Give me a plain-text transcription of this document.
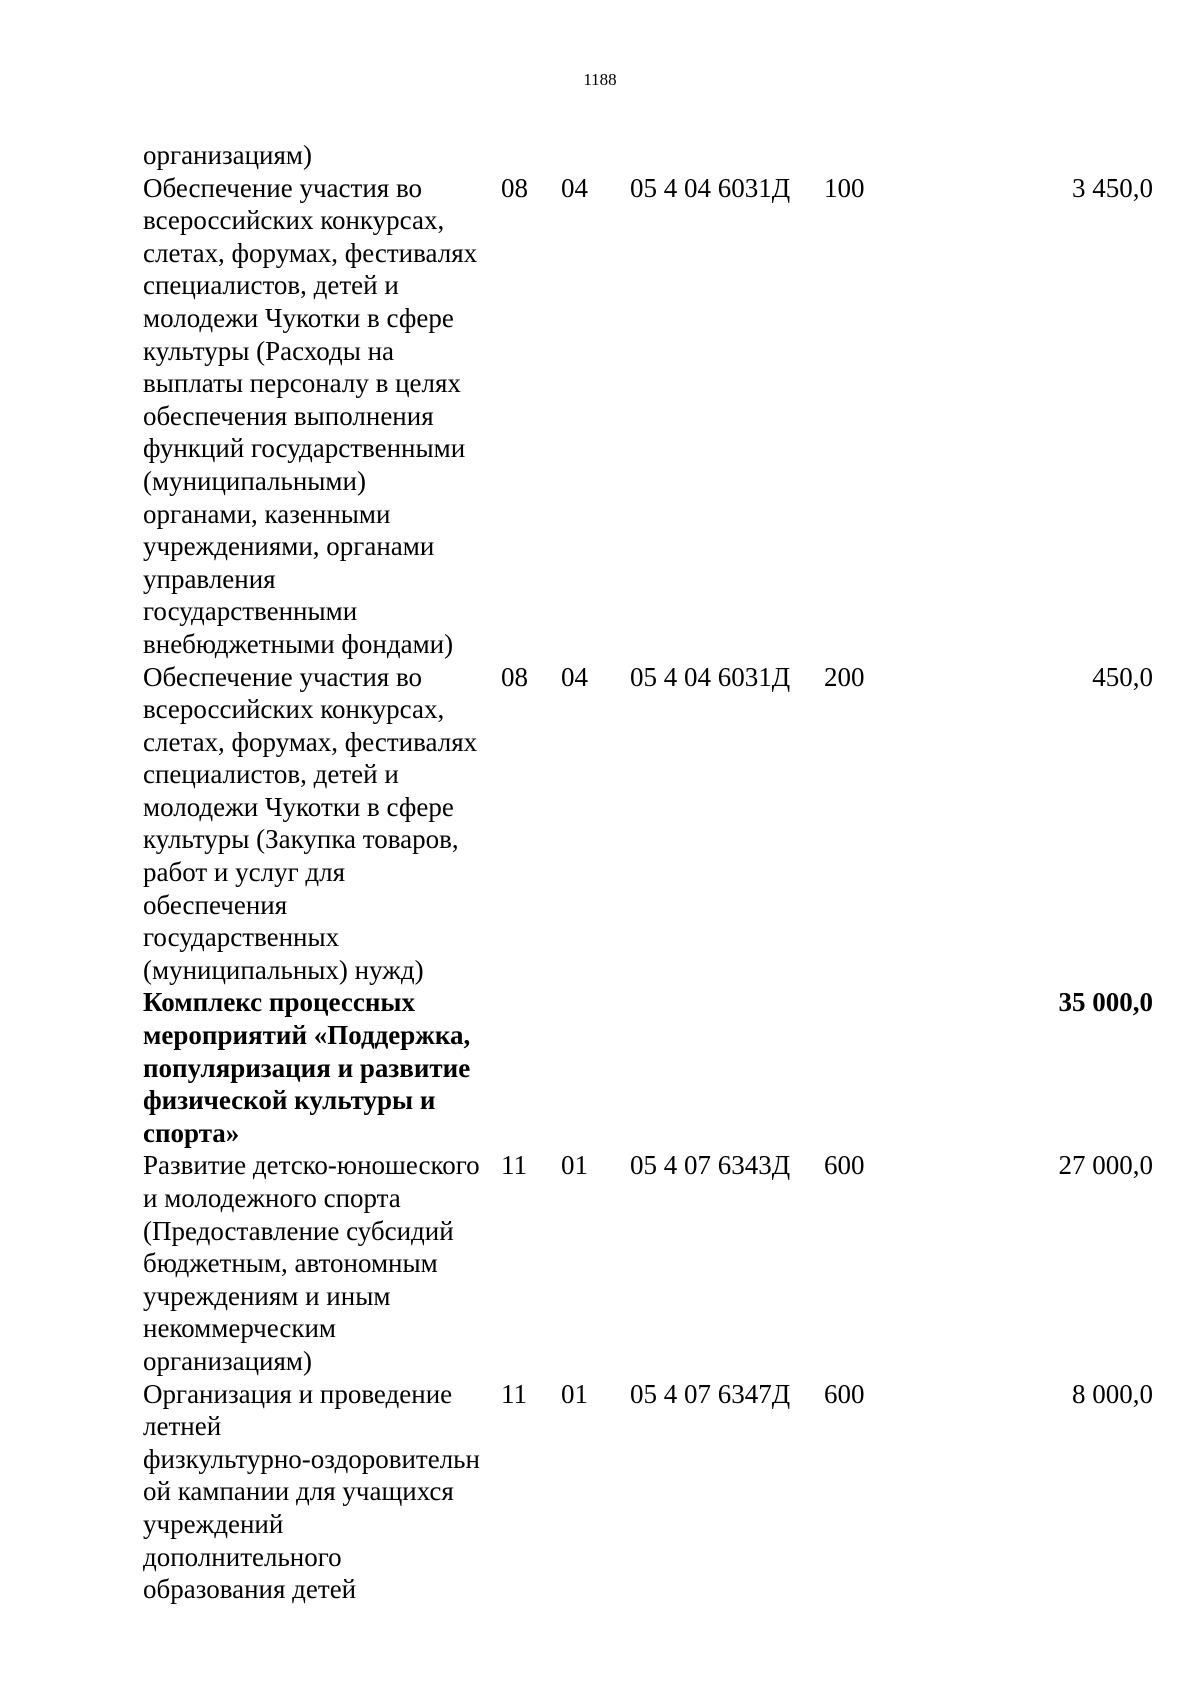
1188
организациям)
Обеспечение участия во
всероссийских конкурсах,
слетах, форумах, фестивалях
специалистов, детей и
молодежи Чукотки в сфере
культуры (Расходы на
выплаты персоналу в целях
обеспечения выполнения
функций государственными
(муниципальными)
органами, казенными
учреждениями, органами
управления
государственными
внебюджетными фондами)
08	04	05 4 04 6031Д	100	3 450,0
Обеспечение участия во
всероссийских конкурсах,
слетах, форумах, фестивалях
специалистов, детей и
молодежи Чукотки в сфере
культуры (Закупка товаров,
работ и услуг для
обеспечения
государственных
(муниципальных) нужд)
08	04	05 4 04 6031Д	200	450,0
Комплекс процессных
мероприятий «Поддержка,
популяризация и развитие
физической культуры и
спорта»
35 000,0
Развитие детско-юношеского
и молодежного спорта
(Предоставление субсидий
бюджетным, автономным
учреждениям и иным
некоммерческим
организациям)
11	01	05 4 07 6343Д	600	27 000,0
Организация и проведение
летней
физкультурно-оздоровительн
ой кампании для учащихся
учреждений
дополнительного
образования детей
11	01	05 4 07 6347Д	600	8 000,0
